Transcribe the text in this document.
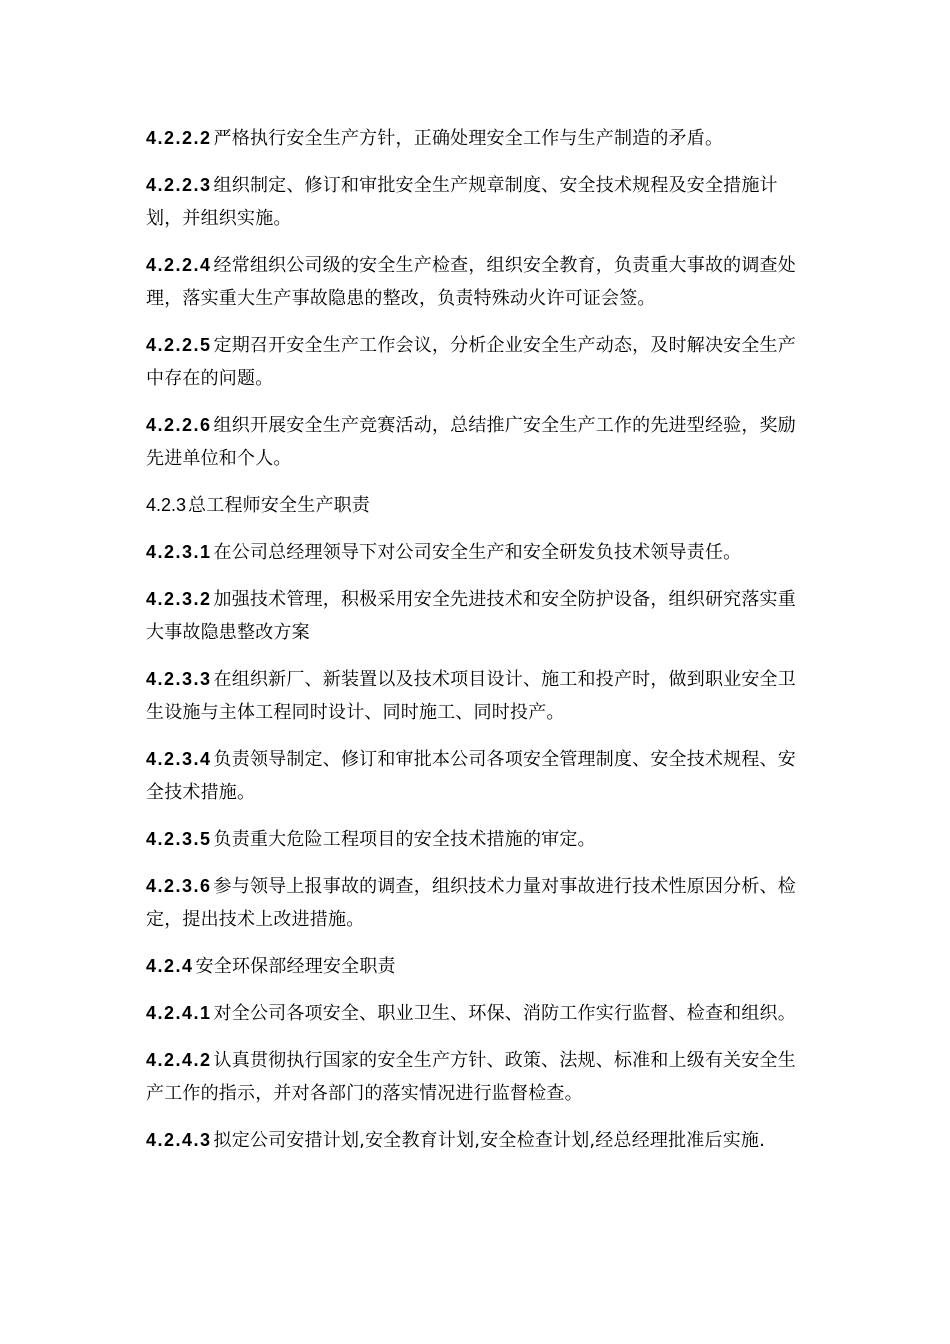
4.2.2.2 严格执行安全生产方针，正确处理安全工作与生产制造的矛盾。

4.2.2.3 组织制定、修订和审批安全生产规章制度、安全技术规程及安全措施计划，并组织实施。

4.2.2.4 经常组织公司级的安全生产检查，组织安全教育，负责重大事故的调查处理，落实重大生产事故隐患的整改，负责特殊动火许可证会签。

4.2.2.5 定期召开安全生产工作会议，分析企业安全生产动态，及时解决安全生产中存在的问题。

4.2.2.6 组织开展安全生产竞赛活动，总结推广安全生产工作的先进型经验，奖励先进单位和个人。

4.2.3 总工程师安全生产职责

4.2.3.1 在公司总经理领导下对公司安全生产和安全研发负技术领导责任。

4.2.3.2 加强技术管理，积极采用安全先进技术和安全防护设备，组织研究落实重大事故隐患整改方案

4.2.3.3 在组织新厂、新装置以及技术项目设计、施工和投产时，做到职业安全卫生设施与主体工程同时设计、同时施工、同时投产。

4.2.3.4 负责领导制定、修订和审批本公司各项安全管理制度、安全技术规程、安全技术措施。

4.2.3.5 负责重大危险工程项目的安全技术措施的审定。

4.2.3.6 参与领导上报事故的调查，组织技术力量对事故进行技术性原因分析、检定，提出技术上改进措施。

4.2.4 安全环保部经理安全职责

4.2.4.1 对全公司各项安全、职业卫生、环保、消防工作实行监督、检查和组织。

4.2.4.2 认真贯彻执行国家的安全生产方针、政策、法规、标准和上级有关安全生产工作的指示，并对各部门的落实情况进行监督检查。

4.2.4.3 拟定公司安措计划,安全教育计划,安全检查计划,经总经理批准后实施.
